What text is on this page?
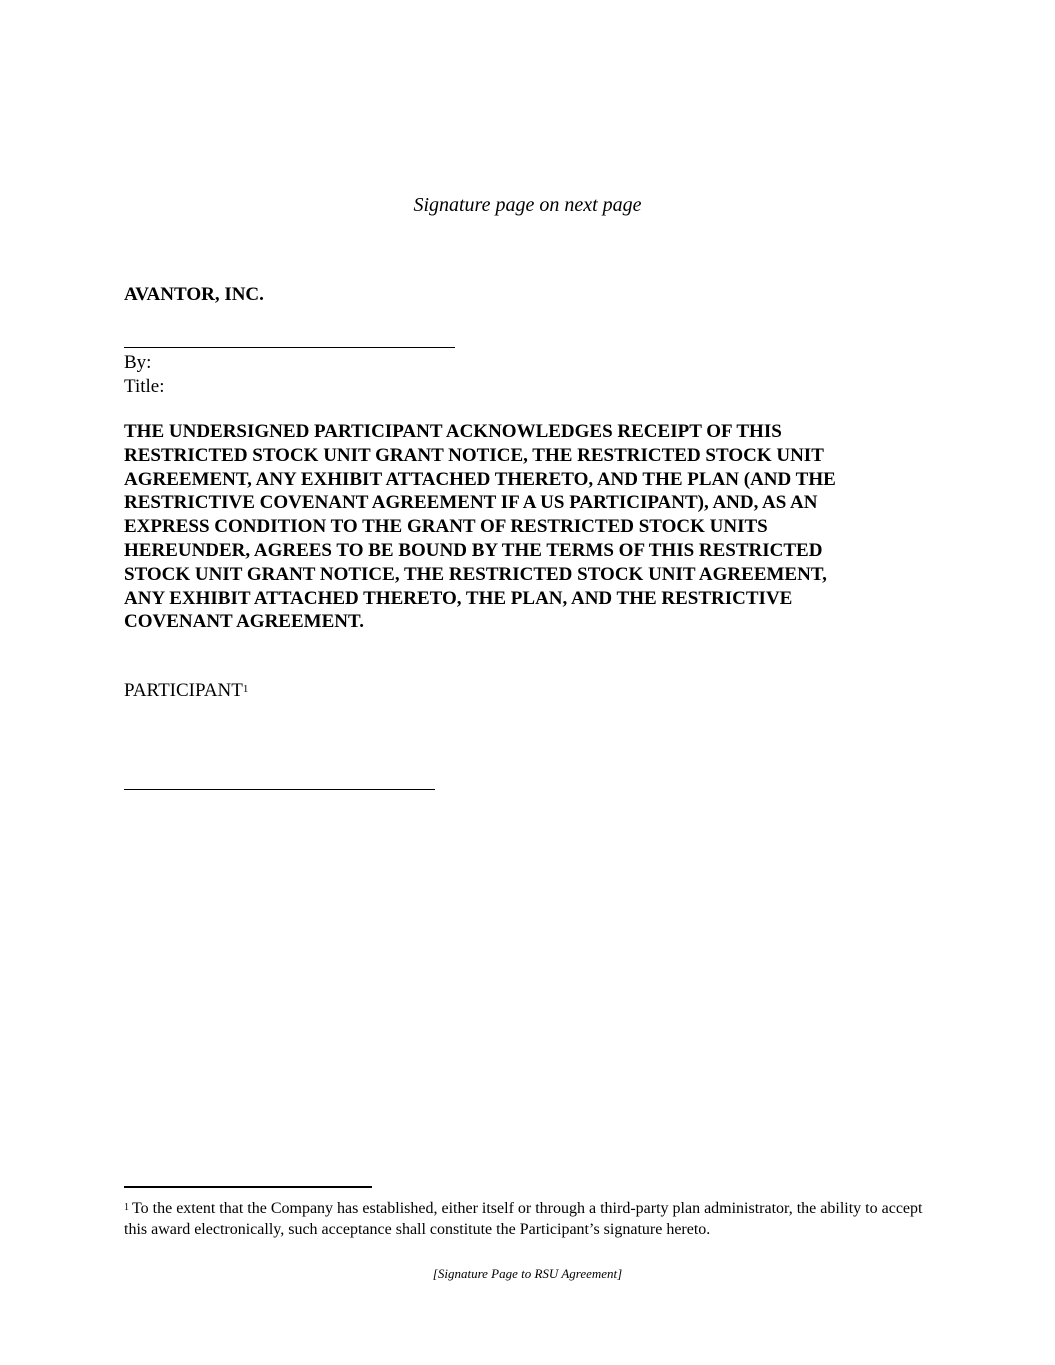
Signature page on next page
AVANTOR, INC.
By:
Title:
THE UNDERSIGNED PARTICIPANT ACKNOWLEDGES RECEIPT OF THIS
RESTRICTED STOCK UNIT GRANT NOTICE, THE RESTRICTED STOCK UNIT
AGREEMENT, ANY EXHIBIT ATTACHED THERETO, AND THE PLAN (AND THE
RESTRICTIVE COVENANT AGREEMENT IF A US PARTICIPANT), AND, AS AN
EXPRESS CONDITION TO THE GRANT OF RESTRICTED STOCK UNITS
HEREUNDER, AGREES TO BE BOUND BY THE TERMS OF THIS RESTRICTED
STOCK UNIT GRANT NOTICE, THE RESTRICTED STOCK UNIT AGREEMENT,
ANY EXHIBIT ATTACHED THERETO, THE PLAN, AND THE RESTRICTIVE
COVENANT AGREEMENT.
PARTICIPANT$^1$
$^1$ To the extent that the Company has established, either itself or through a third-party plan administrator, the ability to accept this award electronically, such acceptance shall constitute the Participant’s signature hereto.
[Signature Page to RSU Agreement]
